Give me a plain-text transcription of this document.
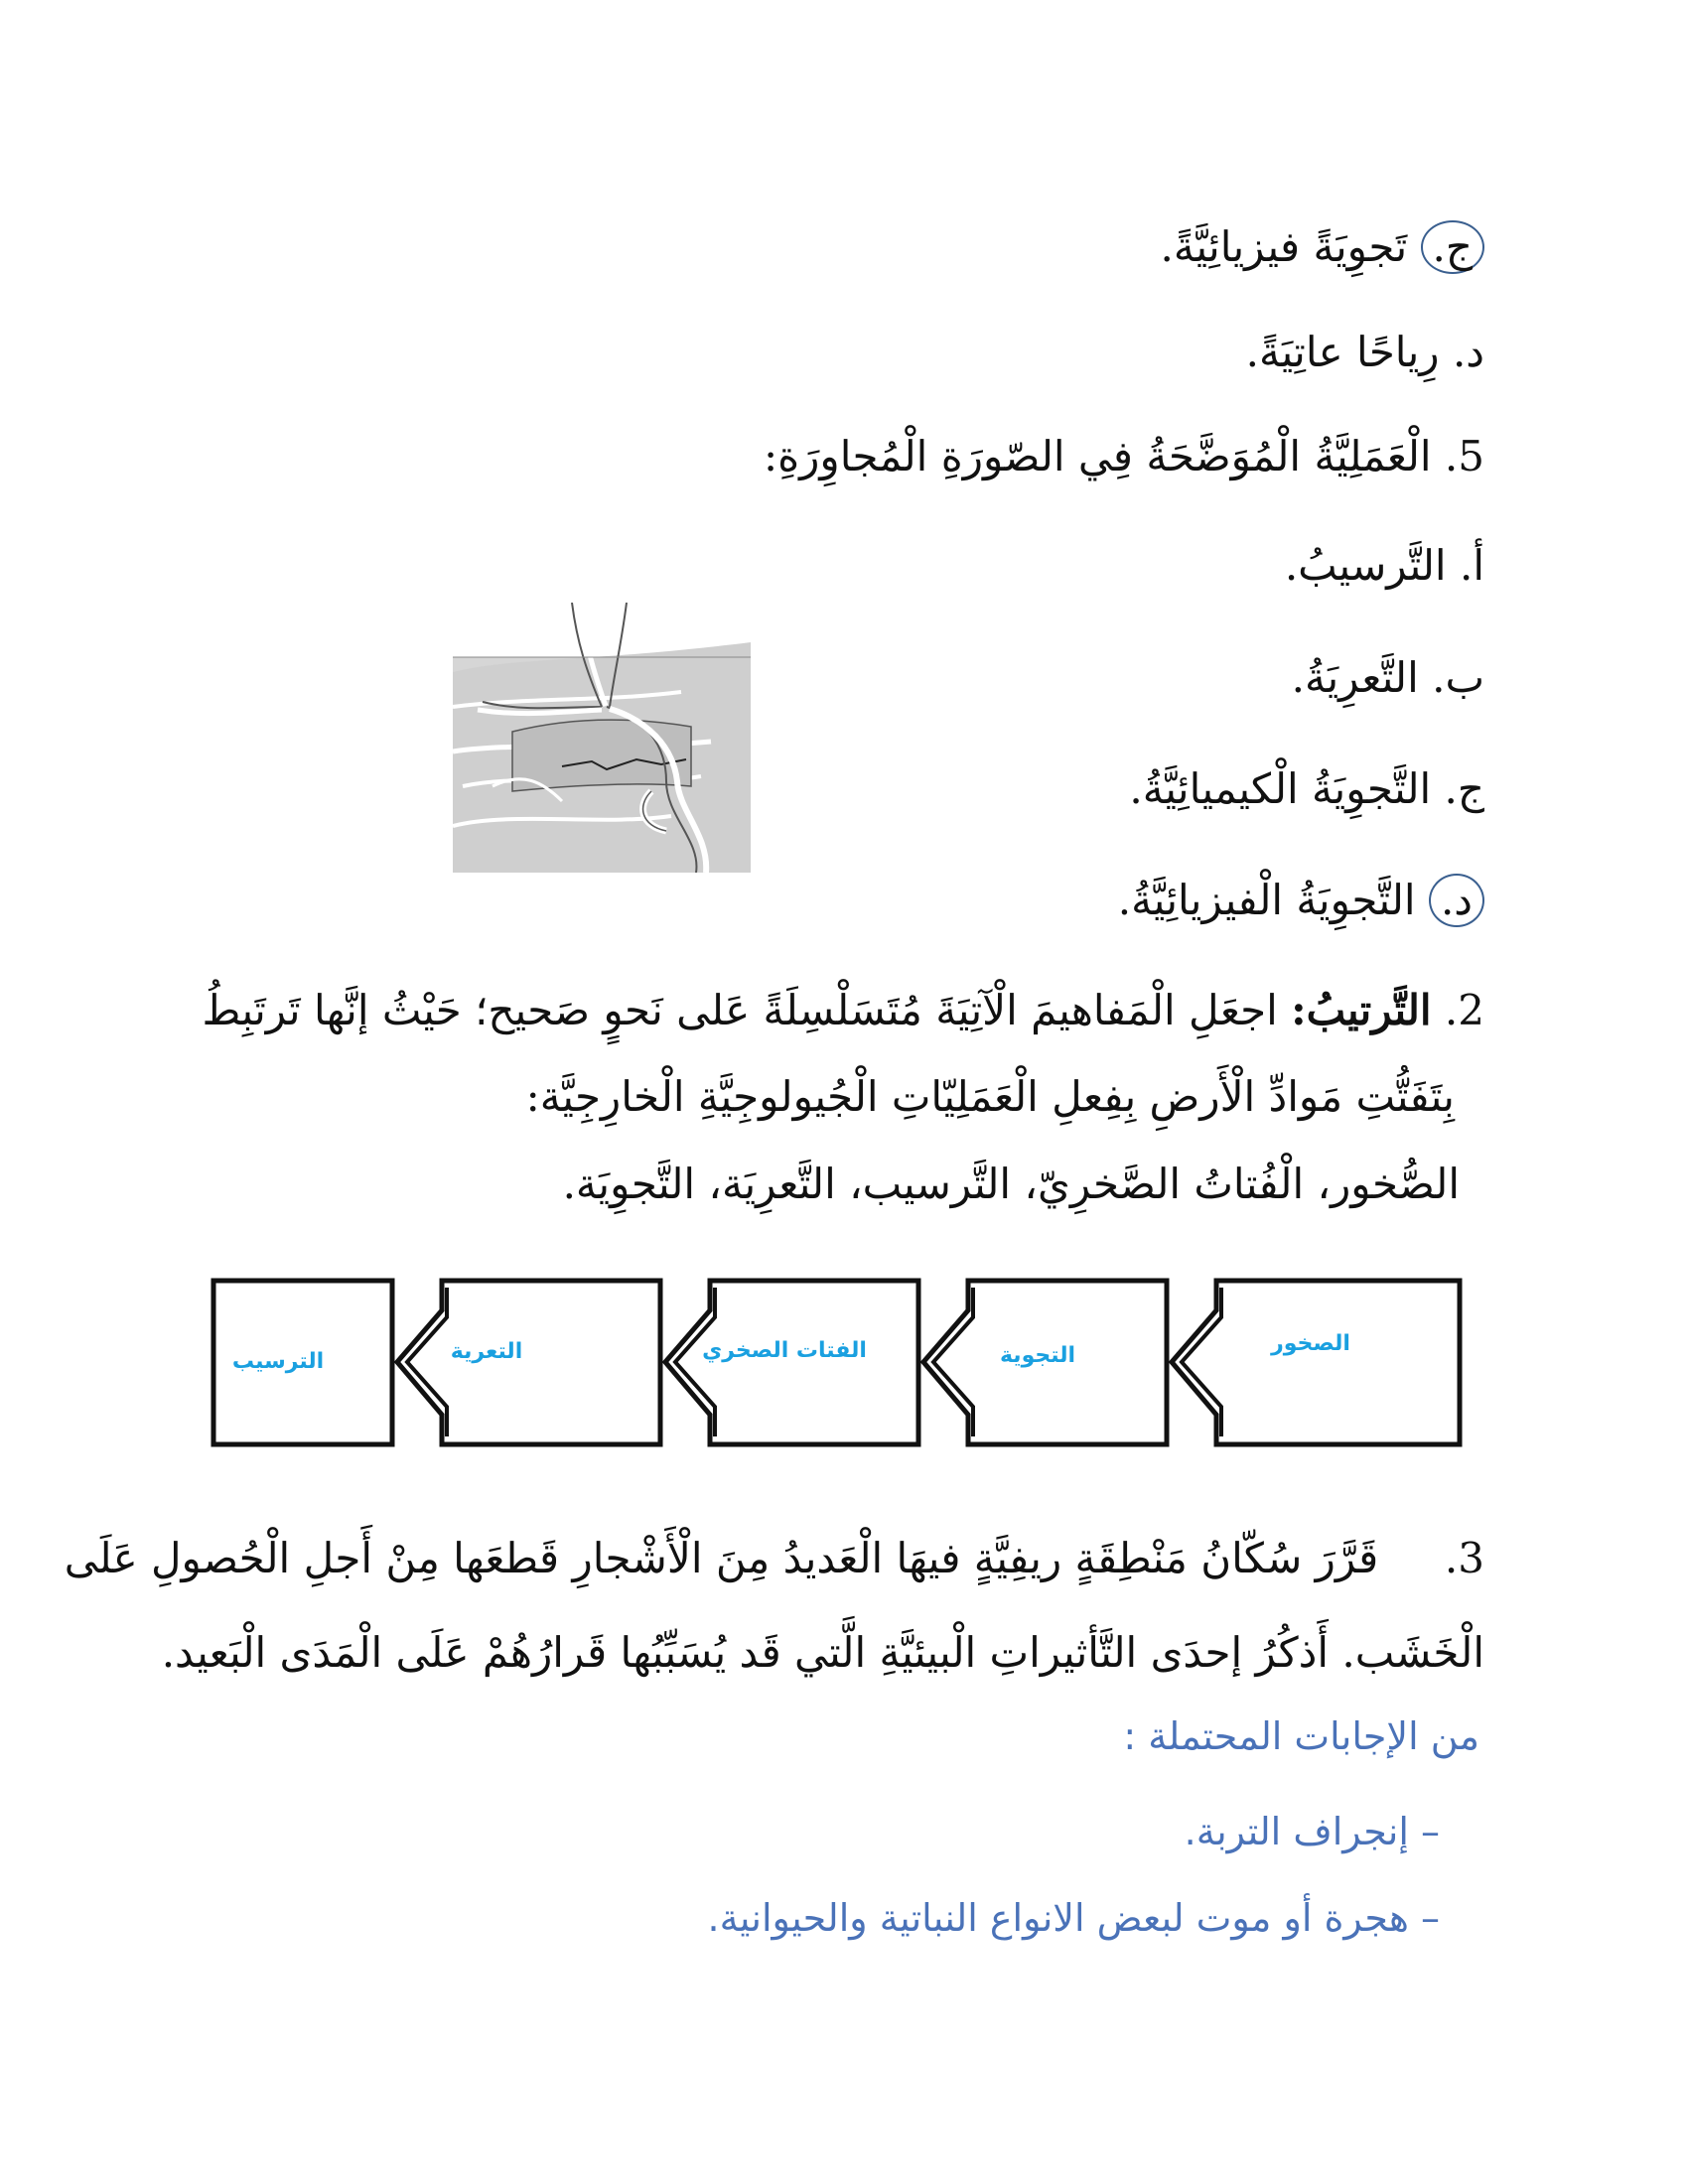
ج. تَجوِيَةً فيزيائِيَّةً.
د. رِياحًا عاتِيَةً.
5. الْعَمَلِيَّةُ الْمُوَضَّحَةُ فِي الصّورَةِ الْمُجاوِرَةِ:
أ. التَّرسيبُ.
ب. التَّعرِيَةُ.
ج. التَّجوِيَةُ الْكيميائِيَّةُ.
د. التَّجوِيَةُ الْفيزيائِيَّةُ.
2. التَّرتيبُ: اجعَلِ الْمَفاهيمَ الْآتِيَةَ مُتَسَلْسِلَةً عَلى نَحوٍ صَحيح؛ حَيْثُ إنَّها تَرتَبِطُ
بِتَفَتُّتِ مَوادِّ الْأَرضِ بِفِعلِ الْعَمَلِيّاتِ الْجُيولوجِيَّةِ الْخارِجِيَّة:
الصُّخور، الْفُتاتُ الصَّخرِيّ، التَّرسيب، التَّعرِيَة، التَّجوِيَة.
الصخور
التجوية
الفتات الصخري
التعرية
الترسيب
3.  قَرَّرَ سُكّانُ مَنْطِقَةٍ ريفِيَّةٍ فيهَا الْعَديدُ مِنَ الْأَشْجارِ قَطعَها مِنْ أَجلِ الْحُصولِ عَلَى
الْخَشَب. أَذكُرُ إحدَى التَّأثيراتِ الْبيئيَّةِ الَّتي قَد يُسَبِّبُها قَرارُهُمْ عَلَى الْمَدَى الْبَعيد.
من الإجابات المحتملة :
– إنجراف التربة.
– هجرة أو موت لبعض الانواع النباتية والحيوانية.
